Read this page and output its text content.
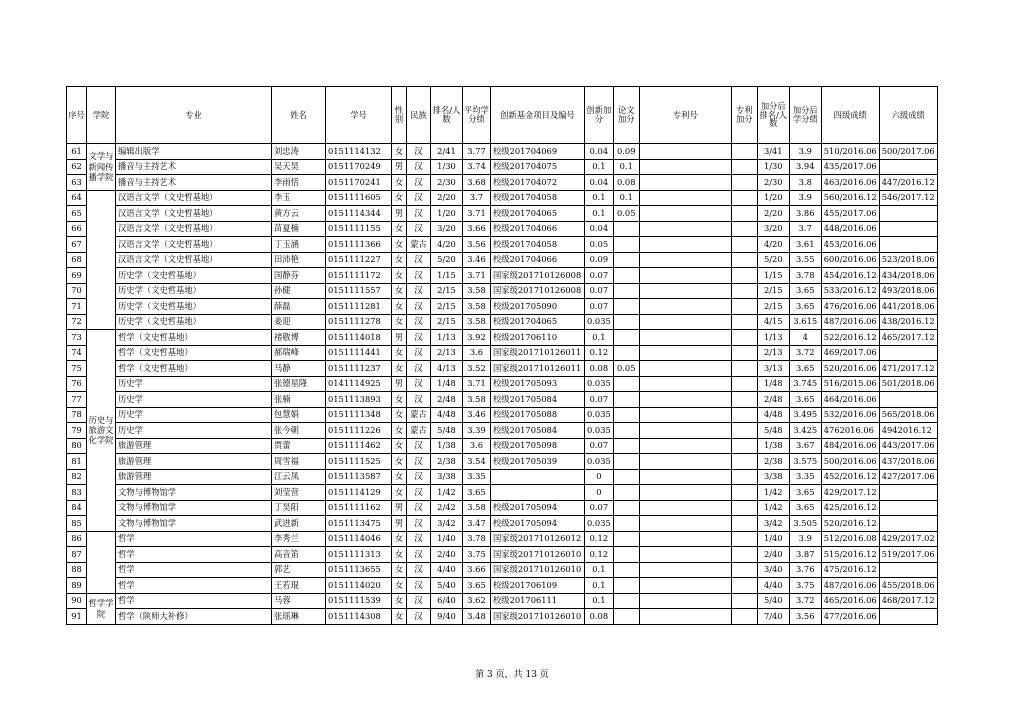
序号	学院	专业	姓名	学号	性别	民族	排名/人数	平均学分绩	创新基金项目及编号	创新加分	论文加分	专利号	专利加分	加分后排名/人数	加分后学分绩	四级成绩	六级成绩
61	文学与新闻传播学院	编辑出版学	刘忠涛	0151114132	女	汉	2/41	3.77	校级201704069	0.04	0.09			3/41	3.9	510/2016.06	500/2017.06
62		播音与主持艺术	吴天昊	0151170249	男	汉	1/30	3.74	校级201704075	0.1	0.1			1/30	3.94	435/2017.06	
63		播音与主持艺术	李雨恬	0151170241	女	汉	2/30	3.68	校级201704072	0.04	0.08			2/30	3.8	463/2016.06	447/2016.12
64		汉语言文学（文史哲基地）	李玉	0151111605	女	汉	2/20	3.7	校级201704058	0.1	0.1			1/20	3.9	560/2016.12	546/2017.12
65		汉语言文学（文史哲基地）	黄方云	0151114344	男	汉	1/20	3.71	校级201704065	0.1	0.05			2/20	3.86	455/2017.06	
66		汉语言文学（文史哲基地）	苗夏楠	0151111155	女	汉	3/20	3.66	校级201704066	0.04				3/20	3.7	448/2016.06	
67		汉语言文学（文史哲基地）	丁玉涵	0151111366	女	蒙古	4/20	3.56	校级201704058	0.05				4/20	3.61	453/2016.06	
68		汉语言文学（文史哲基地）	田沛艳	0151111227	女	汉	5/20	3.46	校级201704066	0.09				5/20	3.55	600/2016.06	523/2018.06
69		历史学（文史哲基地）	国静芬	0151111172	女	汉	1/15	3.71	国家级201710126008	0.07				1/15	3.78	454/2016.12	434/2018.06
70		历史学（文史哲基地）	孙健	0151111557	女	汉	2/15	3.58	国家级201710126008	0.07				2/15	3.65	533/2016.12	493/2018.06
71		历史学（文史哲基地）	薛磊	0151111281	女	汉	2/15	3.58	校级201705090	0.07				2/15	3.65	476/2016.06	441/2018.06
72		历史学（文史哲基地）	姜迎	0151111278	女	汉	2/15	3.58	校级201704065	0.035				4/15	3.615	487/2016.06	438/2016.12
73	历史与旅游文化学院	哲学（文史哲基地）	褚敬博	0151114018	男	汉	1/13	3.92	校级201706110	0.1				1/13	4	522/2016.12	465/2017.12
74		哲学（文史哲基地）	郝瑞峰	0151111441	女	汉	2/13	3.6	国家级201710126011	0.12				2/13	3.72	469/2017.06	
75		哲学（文史哲基地）	马静	0151111237	女	汉	4/13	3.52	国家级201710126011	0.08	0.05			3/13	3.65	520/2016.06	471/2017.12
76		历史学	张德星隆	0141114925	男	汉	1/48	3.71	校级201705093	0.035				1/48	3.745	516/2015.06	501/2018.06
77		历史学	张楠	0151113893	女	汉	2/48	3.58	校级201705084	0.07				2/48	3.65	464/2016.06	
78		历史学	包慧娟	0151111348	女	蒙古	4/48	3.46	校级201705088	0.035				4/48	3.495	532/2016.06	565/2018.06
79		历史学	张今朝	0151111226	女	蒙古	5/48	3.39	校级201705084	0.035				5/48	3.425	4762016.06	4942016.12
80		旅游管理	贾蕾	0151111462	女	汉	1/38	3.6	校级201705098	0.07				1/38	3.67	484/2016.06	443/2017.06
81		旅游管理	周雪福	0151111525	女	汉	2/38	3.54	校级201705039	0.035				2/38	3.575	500/2016.06	437/2018.06
82		旅游管理	江云凤	0151113587	女	汉	3/38	3.35		0				3/38	3.35	452/2016.12	427/2017.06
83		文物与博物馆学	刘莹营	0151114129	女	汉	1/42	3.65		0				1/42	3.65	429/2017.12	
84		文物与博物馆学	丁昊阳	0151111162	男	汉	2/42	3.58	校级201705094	0.07				1/42	3.65	425/2016.12	
85		文物与博物馆学	武进新	0151113475	男	汉	3/42	3.47	校级201705094	0.035				3/42	3.505	520/2016.12	
86		哲学	李秀兰	0151114046	女	汉	1/40	3.78	国家级201710126012	0.12				1/40	3.9	512/2016.08	429/2017.02
87		哲学	高音笛	0151111313	女	汉	2/40	3.75	国家级201710126010	0.12				2/40	3.87	515/2016.12	519/2017.06
88		哲学	郭艺	0151113655	女	汉	4/40	3.66	国家级201710126010	0.1				3/40	3.76	475/2016.12	
89		哲学	王若琨	0151114020	女	汉	5/40	3.65	校级201706109	0.1				4/40	3.75	487/2016.06	455/2018.06
90	哲学学院	哲学	马蓉	0151111539	女	汉	6/40	3.62	校级201706111	0.1				5/40	3.72	465/2016.06	468/2017.12
91		哲学（陕师大补修）	张瑶琳	0151114308	女	汉	9/40	3.48	国家级201710126010	0.08				7/40	3.56	477/2016.06	
第 3 页，共 13 页
